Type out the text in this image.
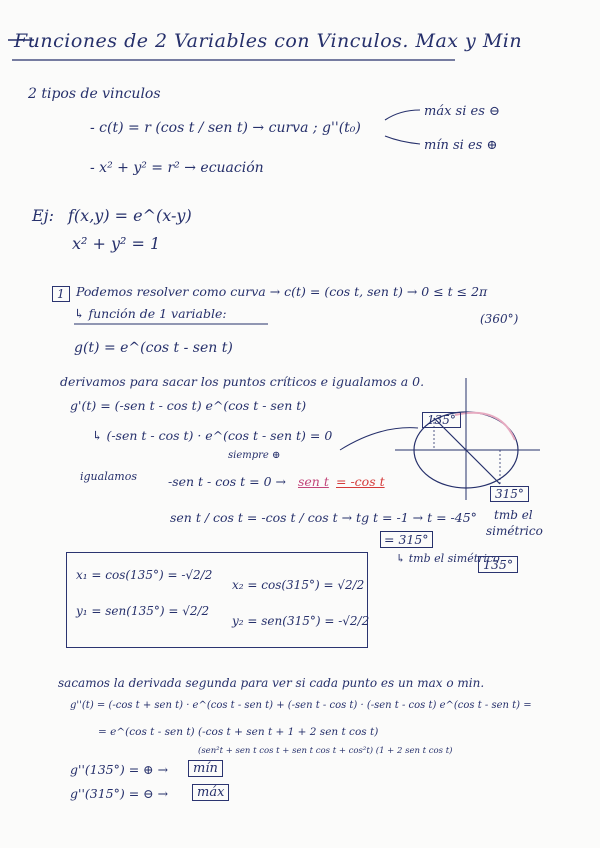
Funciones de 2 Variables con Vinculos. Max y Min
2 tipos de vinculos
- c(t) = r (cos t / sen t) → curva ; g''(t₀)
máx si es ⊖
mín si es ⊕
- x² + y² = r² → ecuación
Ej: f(x,y) = e^(x-y)
x² + y² = 1
1 Podemos resolver como curva → c(t) = (cos t, sen t) → 0 ≤ t ≤ 2π
(360°)
↳ función de 1 variable:
g(t) = e^(cos t - sen t)
derivamos para sacar los puntos críticos e igualamos a 0.
g'(t) = (-sen t - cos t) e^(cos t - sen t)
↳ (-sen t - cos t) · e^(cos t - sen t) = 0
siempre ⊕
igualamos -sen t - cos t = 0 → sen t = -cos t
sen t / cos t = -cos t / cos t → tg t = -1 → t = -45°
= 315°
↳ tmb el simétrico
135°
135°
315°
tmb el
simétrico
x₁ = cos(135°) = -√2/2
y₁ = sen(135°) = √2/2
x₂ = cos(315°) = √2/2
y₂ = sen(315°) = -√2/2
sacamos la derivada segunda para ver si cada punto es un max o min.
g''(t) = (-cos t + sen t) · e^(cos t - sen t) + (-sen t - cos t) · (-sen t - cos t) e^(cos t - sen t) =
= e^(cos t - sen t) (-cos t + sen t + 1 + 2 sen t cos t)
(sen²t + sen t cos t + sen t cos t + cos²t) (1 + 2 sen t cos t)
g''(135°) = ⊕ →	mín
g''(315°) = ⊖ →	máx
